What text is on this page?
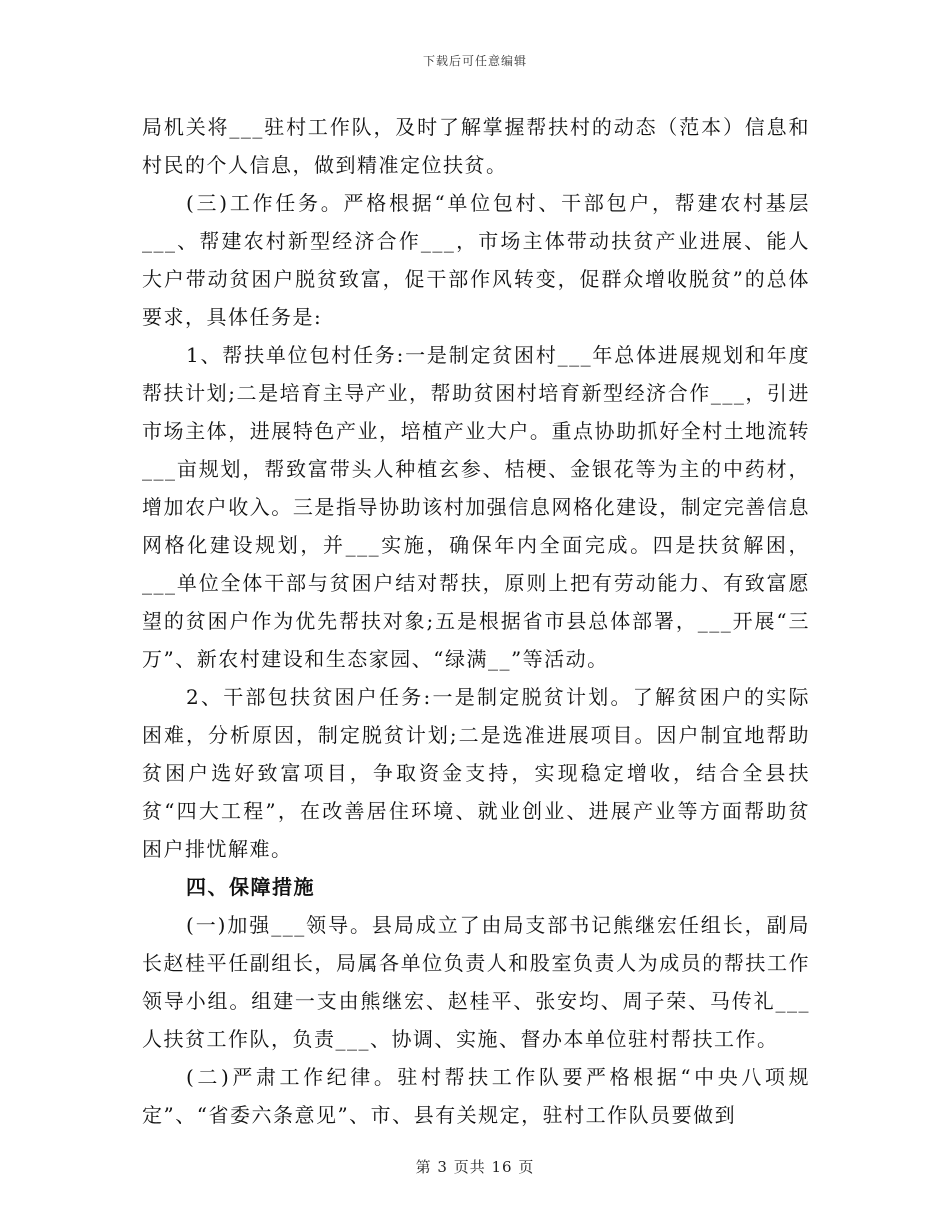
下载后可任意编辑

局机关将___驻村工作队，及时了解掌握帮扶村的动态（范本）信息和村民的个人信息，做到精准定位扶贫。

(三)工作任务。严格根据“单位包村、干部包户，帮建农村基层___、帮建农村新型经济合作___，市场主体带动扶贫产业进展、能人大户带动贫困户脱贫致富，促干部作风转变，促群众增收脱贫”的总体要求，具体任务是:

1、帮扶单位包村任务:一是制定贫困村___年总体进展规划和年度帮扶计划;二是培育主导产业，帮助贫困村培育新型经济合作___，引进市场主体，进展特色产业，培植产业大户。重点协助抓好全村土地流转___亩规划，帮致富带头人种植玄参、桔梗、金银花等为主的中药材，增加农户收入。三是指导协助该村加强信息网格化建设，制定完善信息网格化建设规划，并___实施，确保年内全面完成。四是扶贫解困，___单位全体干部与贫困户结对帮扶，原则上把有劳动能力、有致富愿望的贫困户作为优先帮扶对象;五是根据省市县总体部署，___开展“三万”、新农村建设和生态家园、“绿满__”等活动。

2、干部包扶贫困户任务:一是制定脱贫计划。了解贫困户的实际困难，分析原因，制定脱贫计划;二是选准进展项目。因户制宜地帮助贫困户选好致富项目，争取资金支持，实现稳定增收，结合全县扶贫“四大工程”，在改善居住环境、就业创业、进展产业等方面帮助贫困户排忧解难。

四、保障措施

(一)加强___领导。县局成立了由局支部书记熊继宏任组长，副局长赵桂平任副组长，局属各单位负责人和股室负责人为成员的帮扶工作领导小组。组建一支由熊继宏、赵桂平、张安均、周子荣、马传礼___人扶贫工作队，负责___、协调、实施、督办本单位驻村帮扶工作。

(二)严肃工作纪律。驻村帮扶工作队要严格根据“中央八项规定”、“省委六条意见”、市、县有关规定，驻村工作队员要做到

第 3 页共 16 页
